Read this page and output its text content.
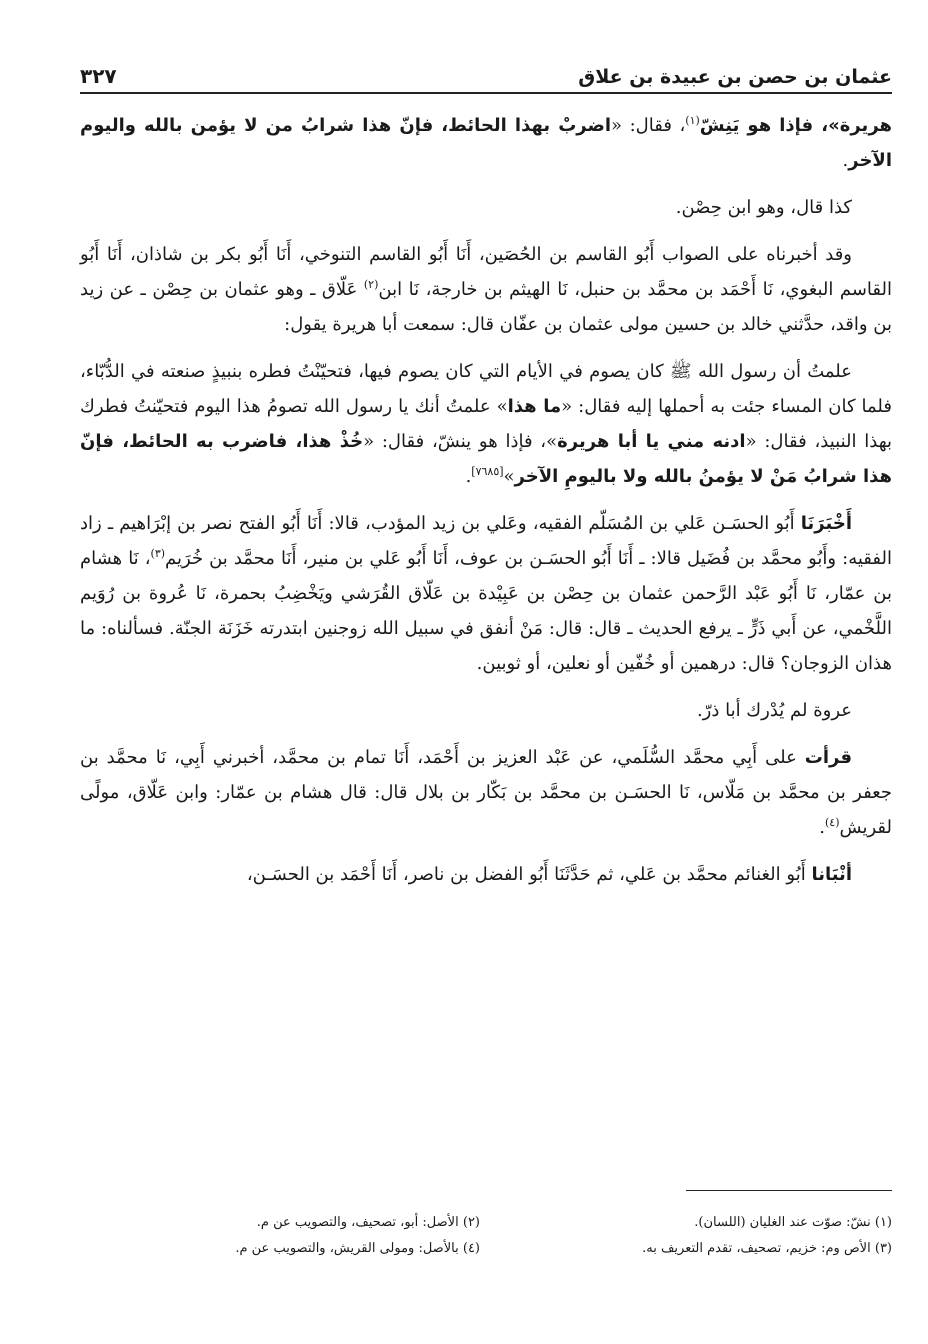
عثمان بن حصن بن عبيدة بن علاق
٣٢٧

هريرة»، فإذا هو يَنِشّ$^{(١)}$، فقال: «اضربْ بهذا الحائط، فإنّ هذا شرابُ من لا يؤمن بالله واليوم الآخر.

كذا قال، وهو ابن حِصْن.

وقد أخبرناه على الصواب أَبُو القاسم بن الحُصَين، أَنَا أَبُو القاسم التنوخي، أَنَا أَبُو بكر بن شاذان، أَنَا أَبُو القاسم البغوي، نَا أَحْمَد بن محمَّد بن حنبل، نَا الهيثم بن خارجة، نَا ابن$^{(٢)}$ عَلّاق ـ وهو عثمان بن حِصْن ـ عن زيد بن واقد، حدَّثني خالد بن حسين مولى عثمان بن عفّان قال: سمعت أبا هريرة يقول:

علمتُ أن رسول الله ﷺ كان يصوم في الأيام التي كان يصوم فيها، فتحيّنْتُ فطره بنبيذٍ صنعته في الدُّبّاء، فلما كان المساء جئت به أحملها إليه فقال: «ما هذا» علمتُ أنك يا رسول الله تصومُ هذا اليوم فتحيّنتُ فطرك بهذا النبيذ، فقال: «ادنه مني يا أبا هريرة»، فإذا هو ينشّ، فقال: «خُذْ هذا، فاضرب به الحائط، فإنّ هذا شرابُ مَنْ لا يؤمنُ بالله ولا باليومِ الآخر»[٧٦٨٥].

أَخْبَرَنَا أَبُو الحسَـن عَلي بن المُسَلّم الفقيه، وعَلي بن زيد المؤدب، قالا: أَنَا أَبُو الفتح نصر بن إبْرَاهيم ـ زاد الفقيه: وأَبُو محمَّد بن فُضَيل قالا: ـ أَنَا أَبُو الحسَـن بن عوف، أَنَا أَبُو عَلي بن منير، أَنَا محمَّد بن خُرَيم$^{(٣)}$، نَا هشام بن عمّار، نَا أَبُو عَبْد الرَّحمن عثمان بن حِصْن بن عَبِيْدة بن عَلّاق القُرَشي ويَخْضِبُ بحمرة، نَا عُروة بن رُوَيم اللَّخْمي، عن أَبي ذَرٍّ ـ يرفع الحديث ـ قال: قال: مَنْ أنفق في سبيل الله زوجنين ابتدرته خَزَنَة الجنّة. فسألناه: ما هذان الزوجان؟ قال: درهمين أو خُفّين أو نعلين، أو ثوبين.

عروة لم يُدْرك أبا ذرّ.

قرأت على أَبِي محمَّد السُّلَمي، عن عَبْد العزيز بن أَحْمَد، أَنَا تمام بن محمَّد، أخبرني أَبِي، نَا محمَّد بن جعفر بن محمَّد بن مَلّاس، نَا الحسَـن بن محمَّد بن بَكّار بن بلال قال: قال هشام بن عمّار: وابن عَلّاق، مولًى لقريش$^{(٤)}$.

أنْبَانا أَبُو الغنائم محمَّد بن عَلي، ثم حَدَّثَنَا أَبُو الفضل بن ناصر، أَنَا أَحْمَد بن الحسَـن،

(١) نشّ: صوّت عند الغليان (اللسان).
(٢) الأصل: أبو، تصحيف، والتصويب عن م.
(٣) الأص وم: خزيم، تصحيف، تقدم التعريف به.
(٤) بالأصل: ومولى القريش، والتصويب عن م.
